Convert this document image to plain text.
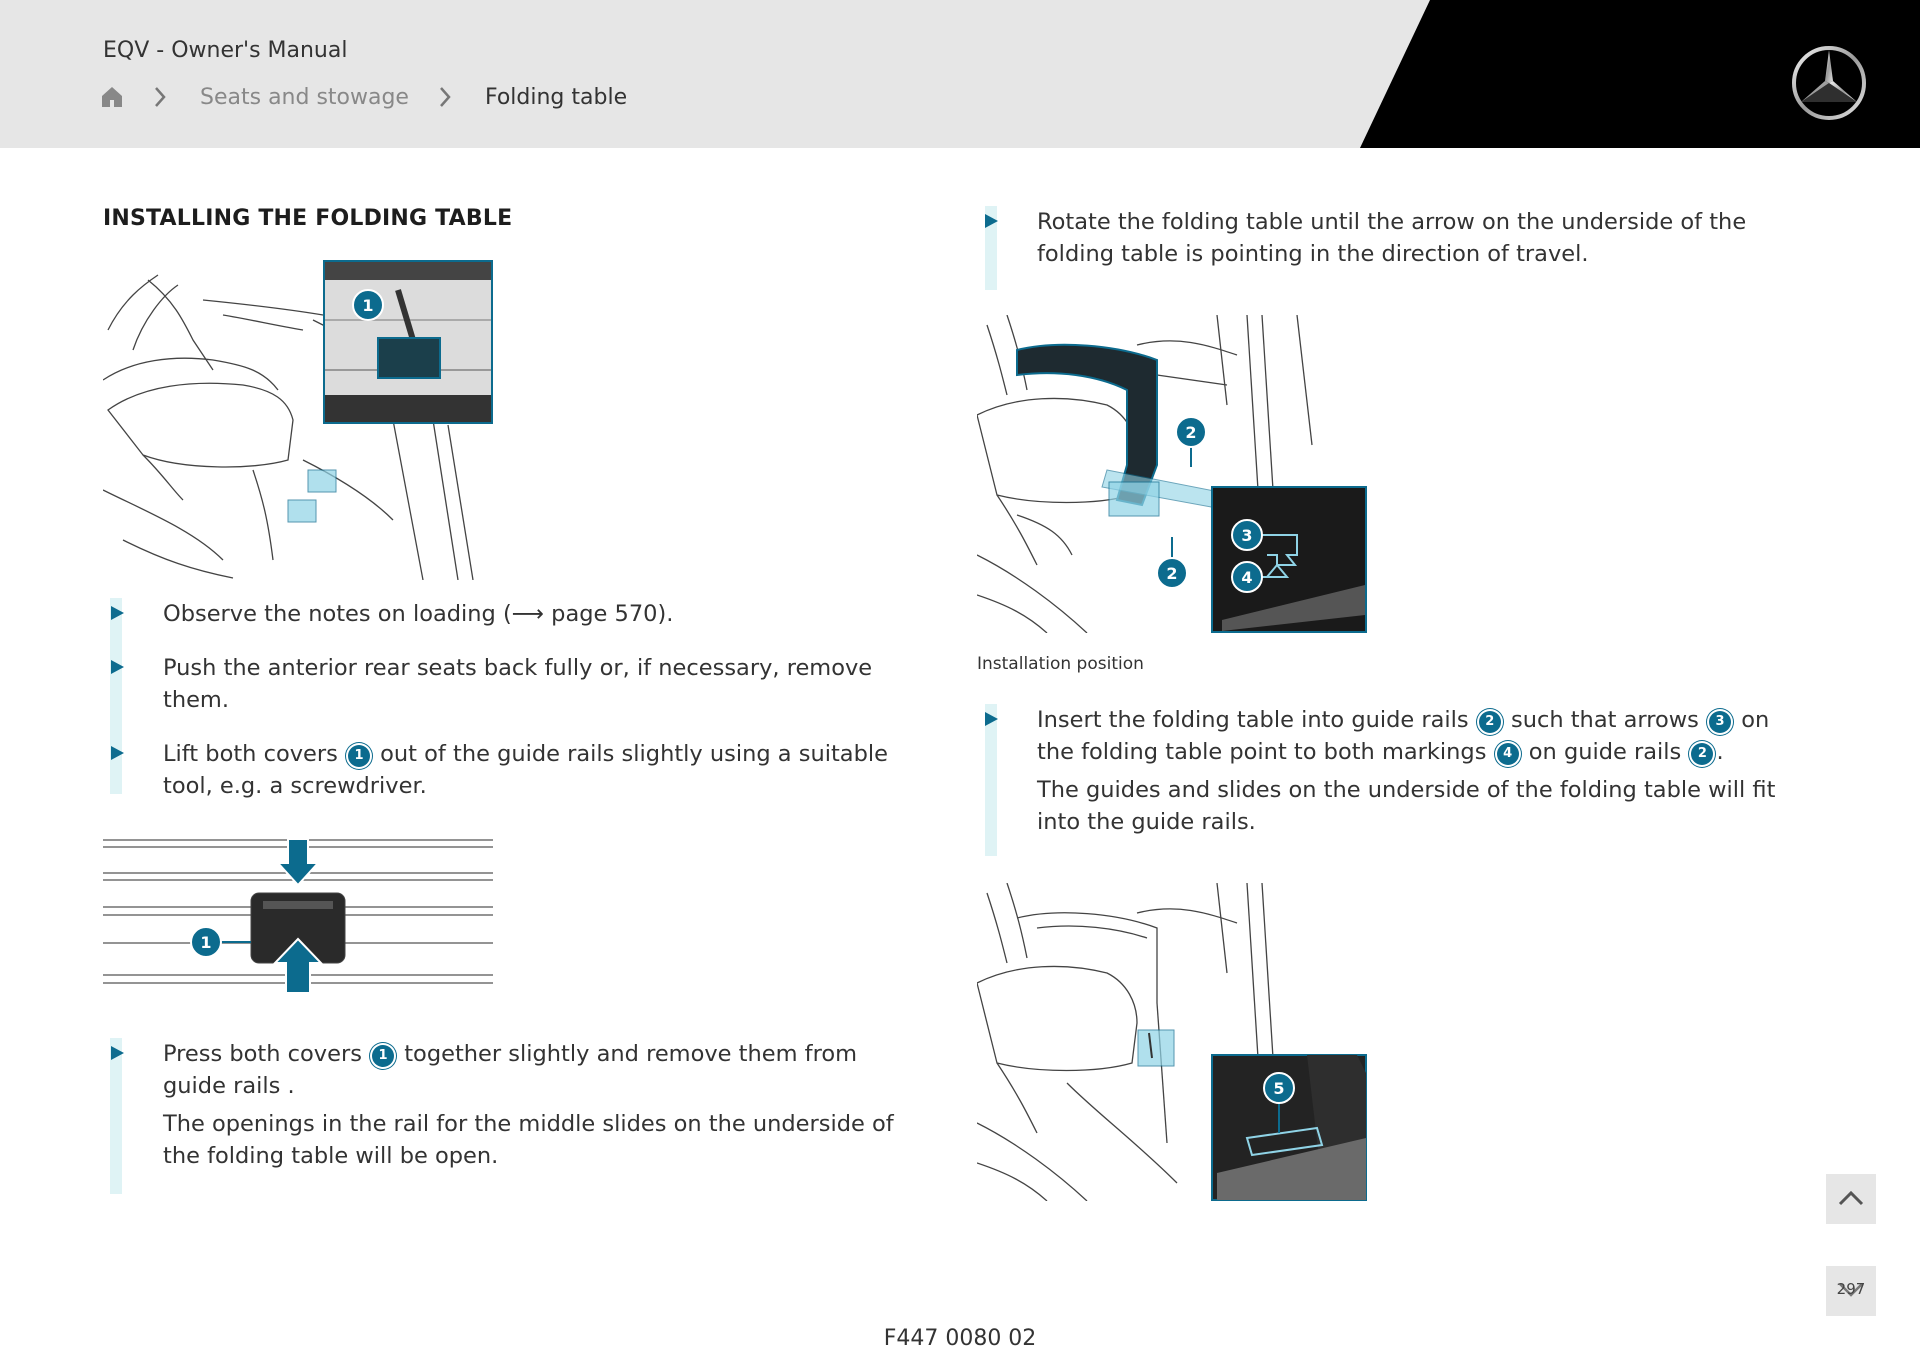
EQV - Owner's Manual
Seats and stowage	Folding table
INSTALLING THE FOLDING TABLE
1

Observe the notes on loading (⟶ page 570).

Push the anterior rear seats back fully or, if necessary, remove them.

Lift both covers 1 out of the guide rails slightly using a suitable tool, e.g. a screwdriver.

1

Press both covers 1 together slightly and remove them from guide rails .

The openings in the rail for the middle slides on the underside of the folding table will be open.

Rotate the folding table until the arrow on the underside of the folding table is pointing in the direction of travel.

2
2
3
4
Installation position

Insert the folding table into guide rails 2 such that arrows 3 on the folding table point to both markings 4 on guide rails 2 .

The guides and slides on the underside of the folding table will fit into the guide rails.

5
F447 0080 02
297
